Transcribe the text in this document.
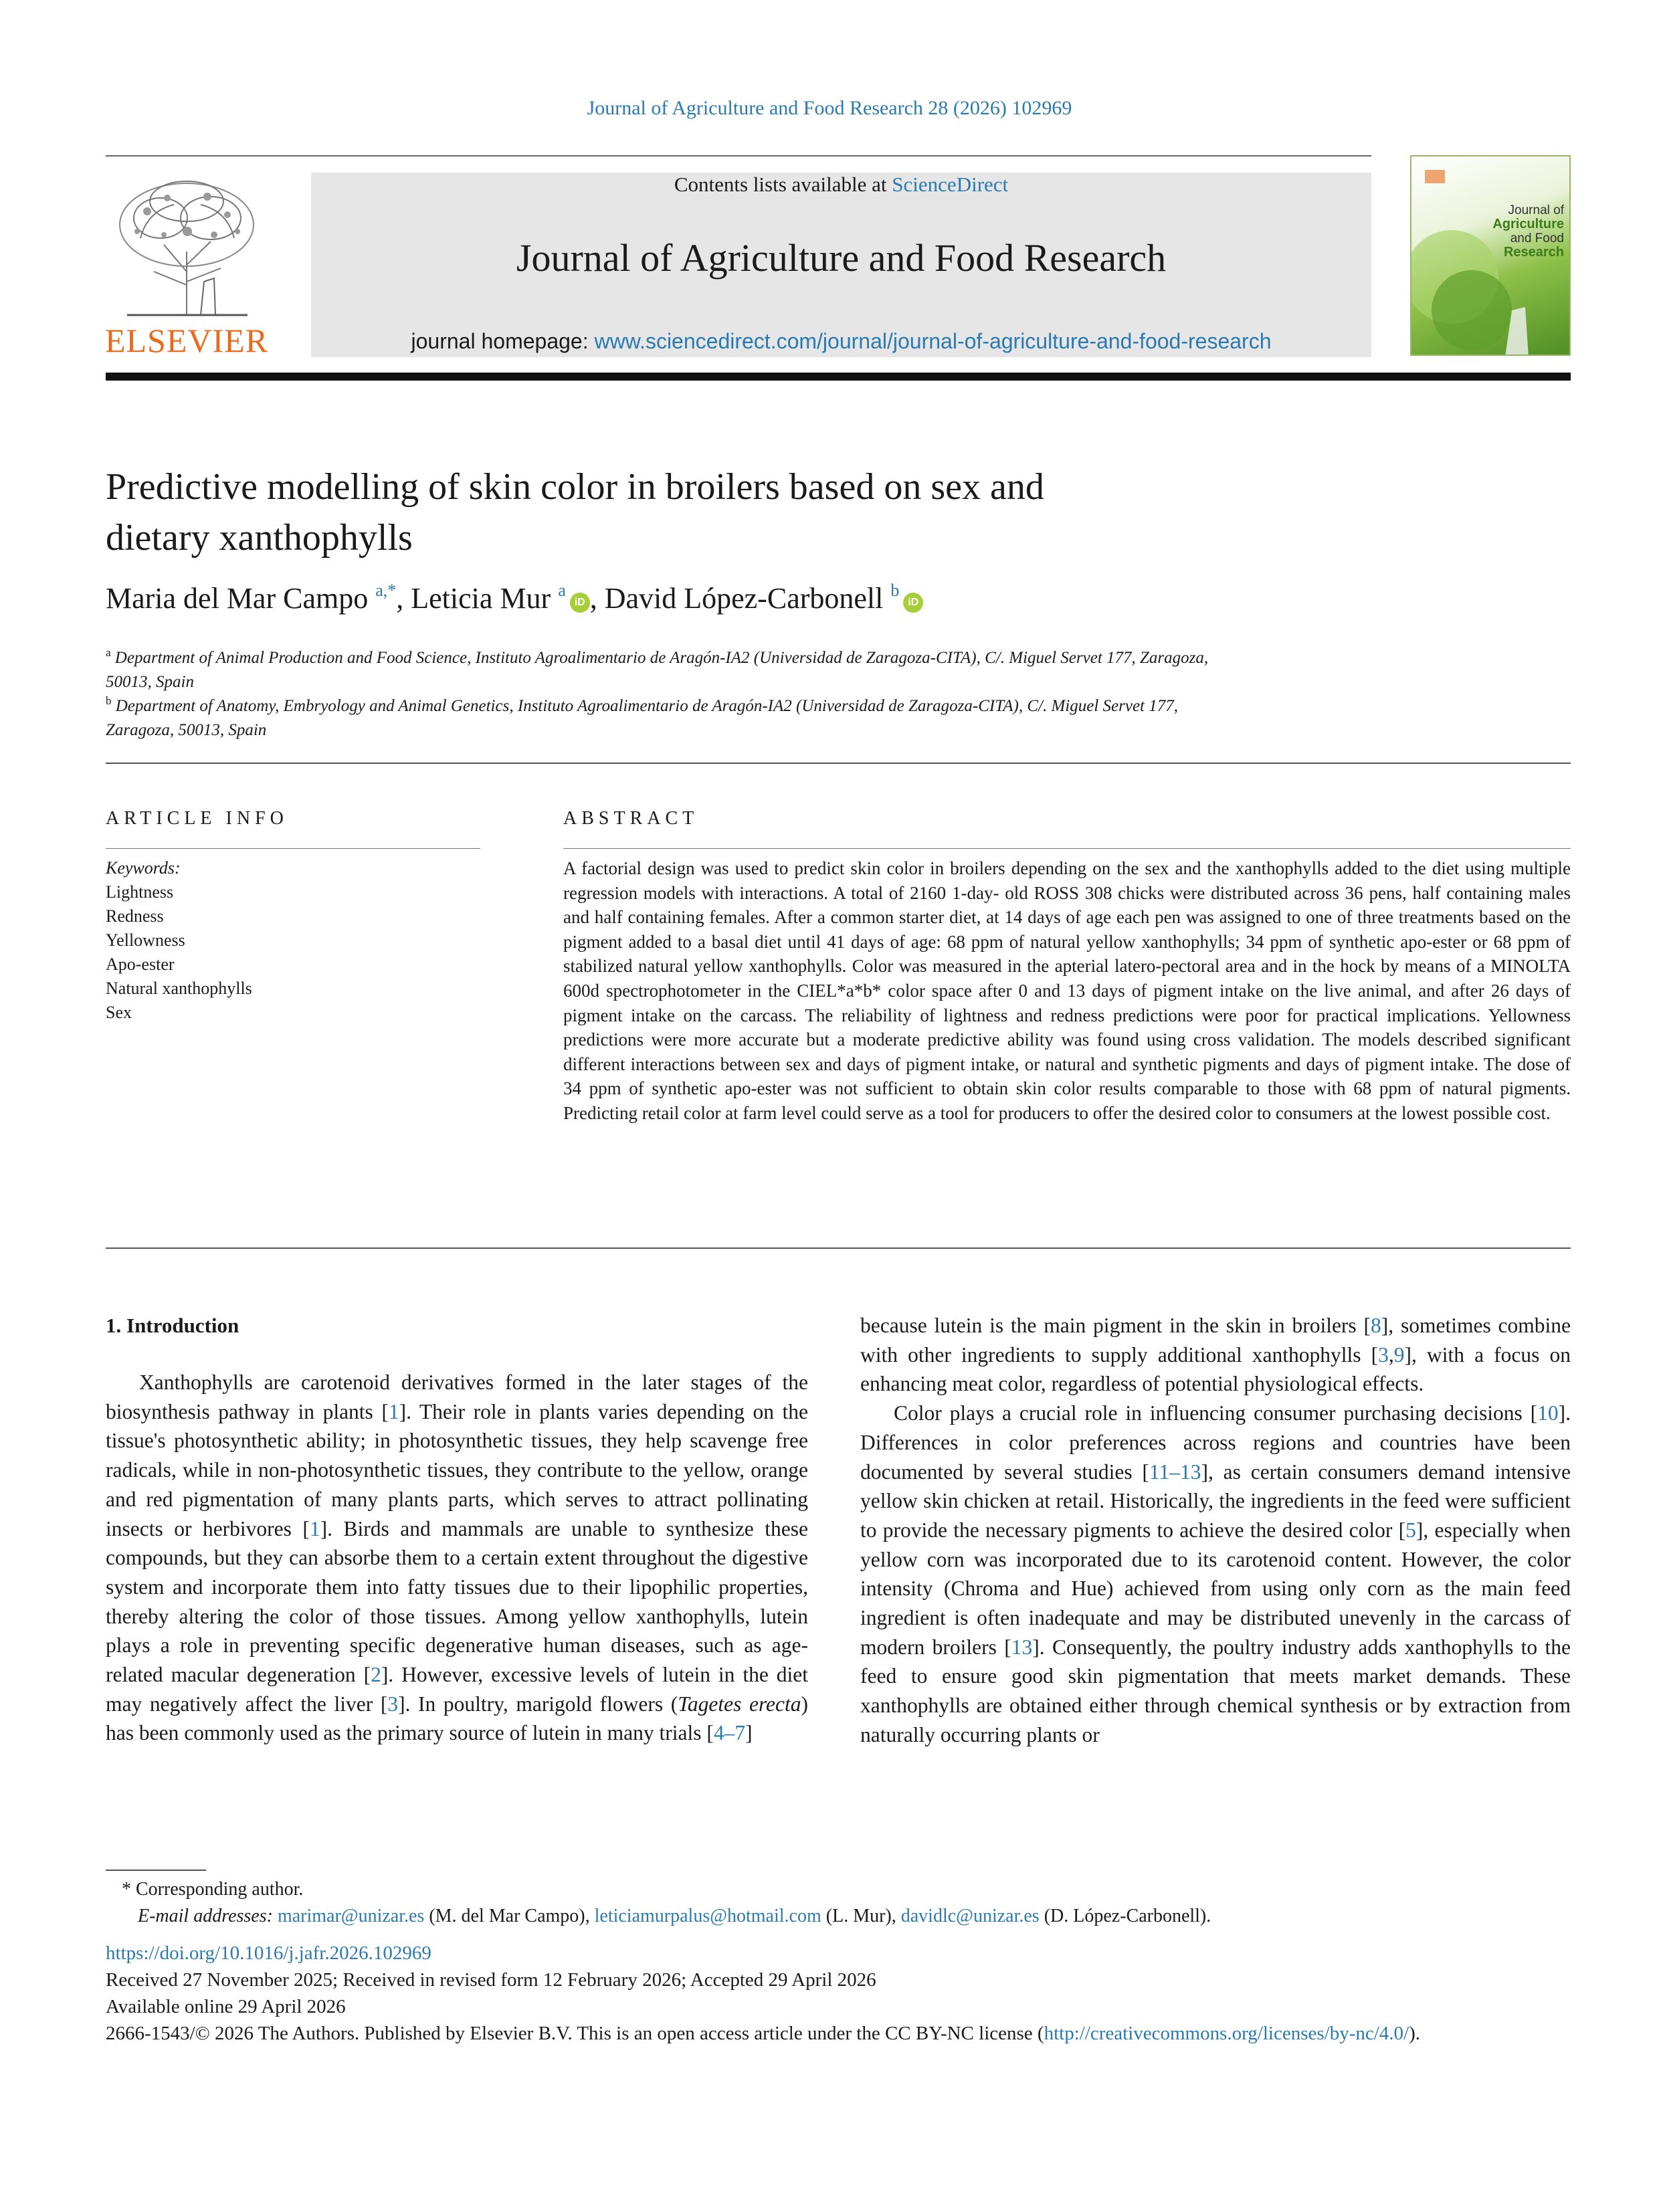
Journal of Agriculture and Food Research 28 (2026) 102969
ELSEVIER
Contents lists available at ScienceDirect
Journal of Agriculture and Food Research
journal homepage: www.sciencedirect.com/journal/journal-of-agriculture-and-food-research
Journal of
Agriculture
and Food
Research
Predictive modelling of skin color in broilers based on sex and
dietary xanthophylls
Maria del Mar Campo $^{a,*}$, Leticia Mur $^a$iD , David López-Carbonell $^b$iD
$^a$ Department of Animal Production and Food Science, Instituto Agroalimentario de Aragón-IA2 (Universidad de Zaragoza-CITA), C/. Miguel Servet 177, Zaragoza,
50013, Spain
$^b$ Department of Anatomy, Embryology and Animal Genetics, Instituto Agroalimentario de Aragón-IA2 (Universidad de Zaragoza-CITA), C/. Miguel Servet 177,
Zaragoza, 50013, Spain
ARTICLE INFO
Keywords:
Lightness
Redness
Yellowness
Apo-ester
Natural xanthophylls
Sex
ABSTRACT
A factorial design was used to predict skin color in broilers depending on the sex and the xanthophylls added to the diet using multiple regression models with interactions. A total of 2160 1-day- old ROSS 308 chicks were distributed across 36 pens, half containing males and half containing females. After a common starter diet, at 14 days of age each pen was assigned to one of three treatments based on the pigment added to a basal diet until 41 days of age: 68 ppm of natural yellow xanthophylls; 34 ppm of synthetic apo-ester or 68 ppm of stabilized natural yellow xanthophylls. Color was measured in the apterial latero-pectoral area and in the hock by means of a MINOLTA 600d spectrophotometer in the CIEL*a*b* color space after 0 and 13 days of pigment intake on the live animal, and after 26 days of pigment intake on the carcass. The reliability of lightness and redness predictions were poor for practical implications. Yellowness predictions were more accurate but a moderate predictive ability was found using cross validation. The models described significant different interactions between sex and days of pigment intake, or natural and synthetic pigments and days of pigment intake. The dose of 34 ppm of synthetic apo-ester was not sufficient to obtain skin color results comparable to those with 68 ppm of natural pigments. Predicting retail color at farm level could serve as a tool for producers to offer the desired color to consumers at the lowest possible cost.
1. Introduction

Xanthophylls are carotenoid derivatives formed in the later stages of the biosynthesis pathway in plants [1]. Their role in plants varies depending on the tissue's photosynthetic ability; in photosynthetic tissues, they help scavenge free radicals, while in non-photosynthetic tissues, they contribute to the yellow, orange and red pigmentation of many plants parts, which serves to attract pollinating insects or herbivores [1]. Birds and mammals are unable to synthesize these compounds, but they can absorbe them to a certain extent throughout the digestive system and incorporate them into fatty tissues due to their lipophilic properties, thereby altering the color of those tissues. Among yellow xanthophylls, lutein plays a role in preventing specific degenerative human diseases, such as age-related macular degeneration [2]. However, excessive levels of lutein in the diet may negatively affect the liver [3]. In poultry, marigold flowers (Tagetes erecta) has been commonly used as the primary source of lutein in many trials [4–7]

because lutein is the main pigment in the skin in broilers [8], sometimes combine with other ingredients to supply additional xanthophylls [3,9], with a focus on enhancing meat color, regardless of potential physiological effects.

Color plays a crucial role in influencing consumer purchasing decisions [10]. Differences in color preferences across regions and countries have been documented by several studies [11–13], as certain consumers demand intensive yellow skin chicken at retail. Historically, the ingredients in the feed were sufficient to provide the necessary pigments to achieve the desired color [5], especially when yellow corn was incorporated due to its carotenoid content. However, the color intensity (Chroma and Hue) achieved from using only corn as the main feed ingredient is often inadequate and may be distributed unevenly in the carcass of modern broilers [13]. Consequently, the poultry industry adds xanthophylls to the feed to ensure good skin pigmentation that meets market demands. These xanthophylls are obtained either through chemical synthesis or by extraction from naturally occurring plants or

* Corresponding author.
E-mail addresses: marimar@unizar.es (M. del Mar Campo), leticiamurpalus@hotmail.com (L. Mur), davidlc@unizar.es (D. López-Carbonell).
https://doi.org/10.1016/j.jafr.2026.102969
Received 27 November 2025; Received in revised form 12 February 2026; Accepted 29 April 2026
Available online 29 April 2026
2666-1543/© 2026 The Authors. Published by Elsevier B.V. This is an open access article under the CC BY-NC license (http://creativecommons.org/licenses/by-nc/4.0/).
